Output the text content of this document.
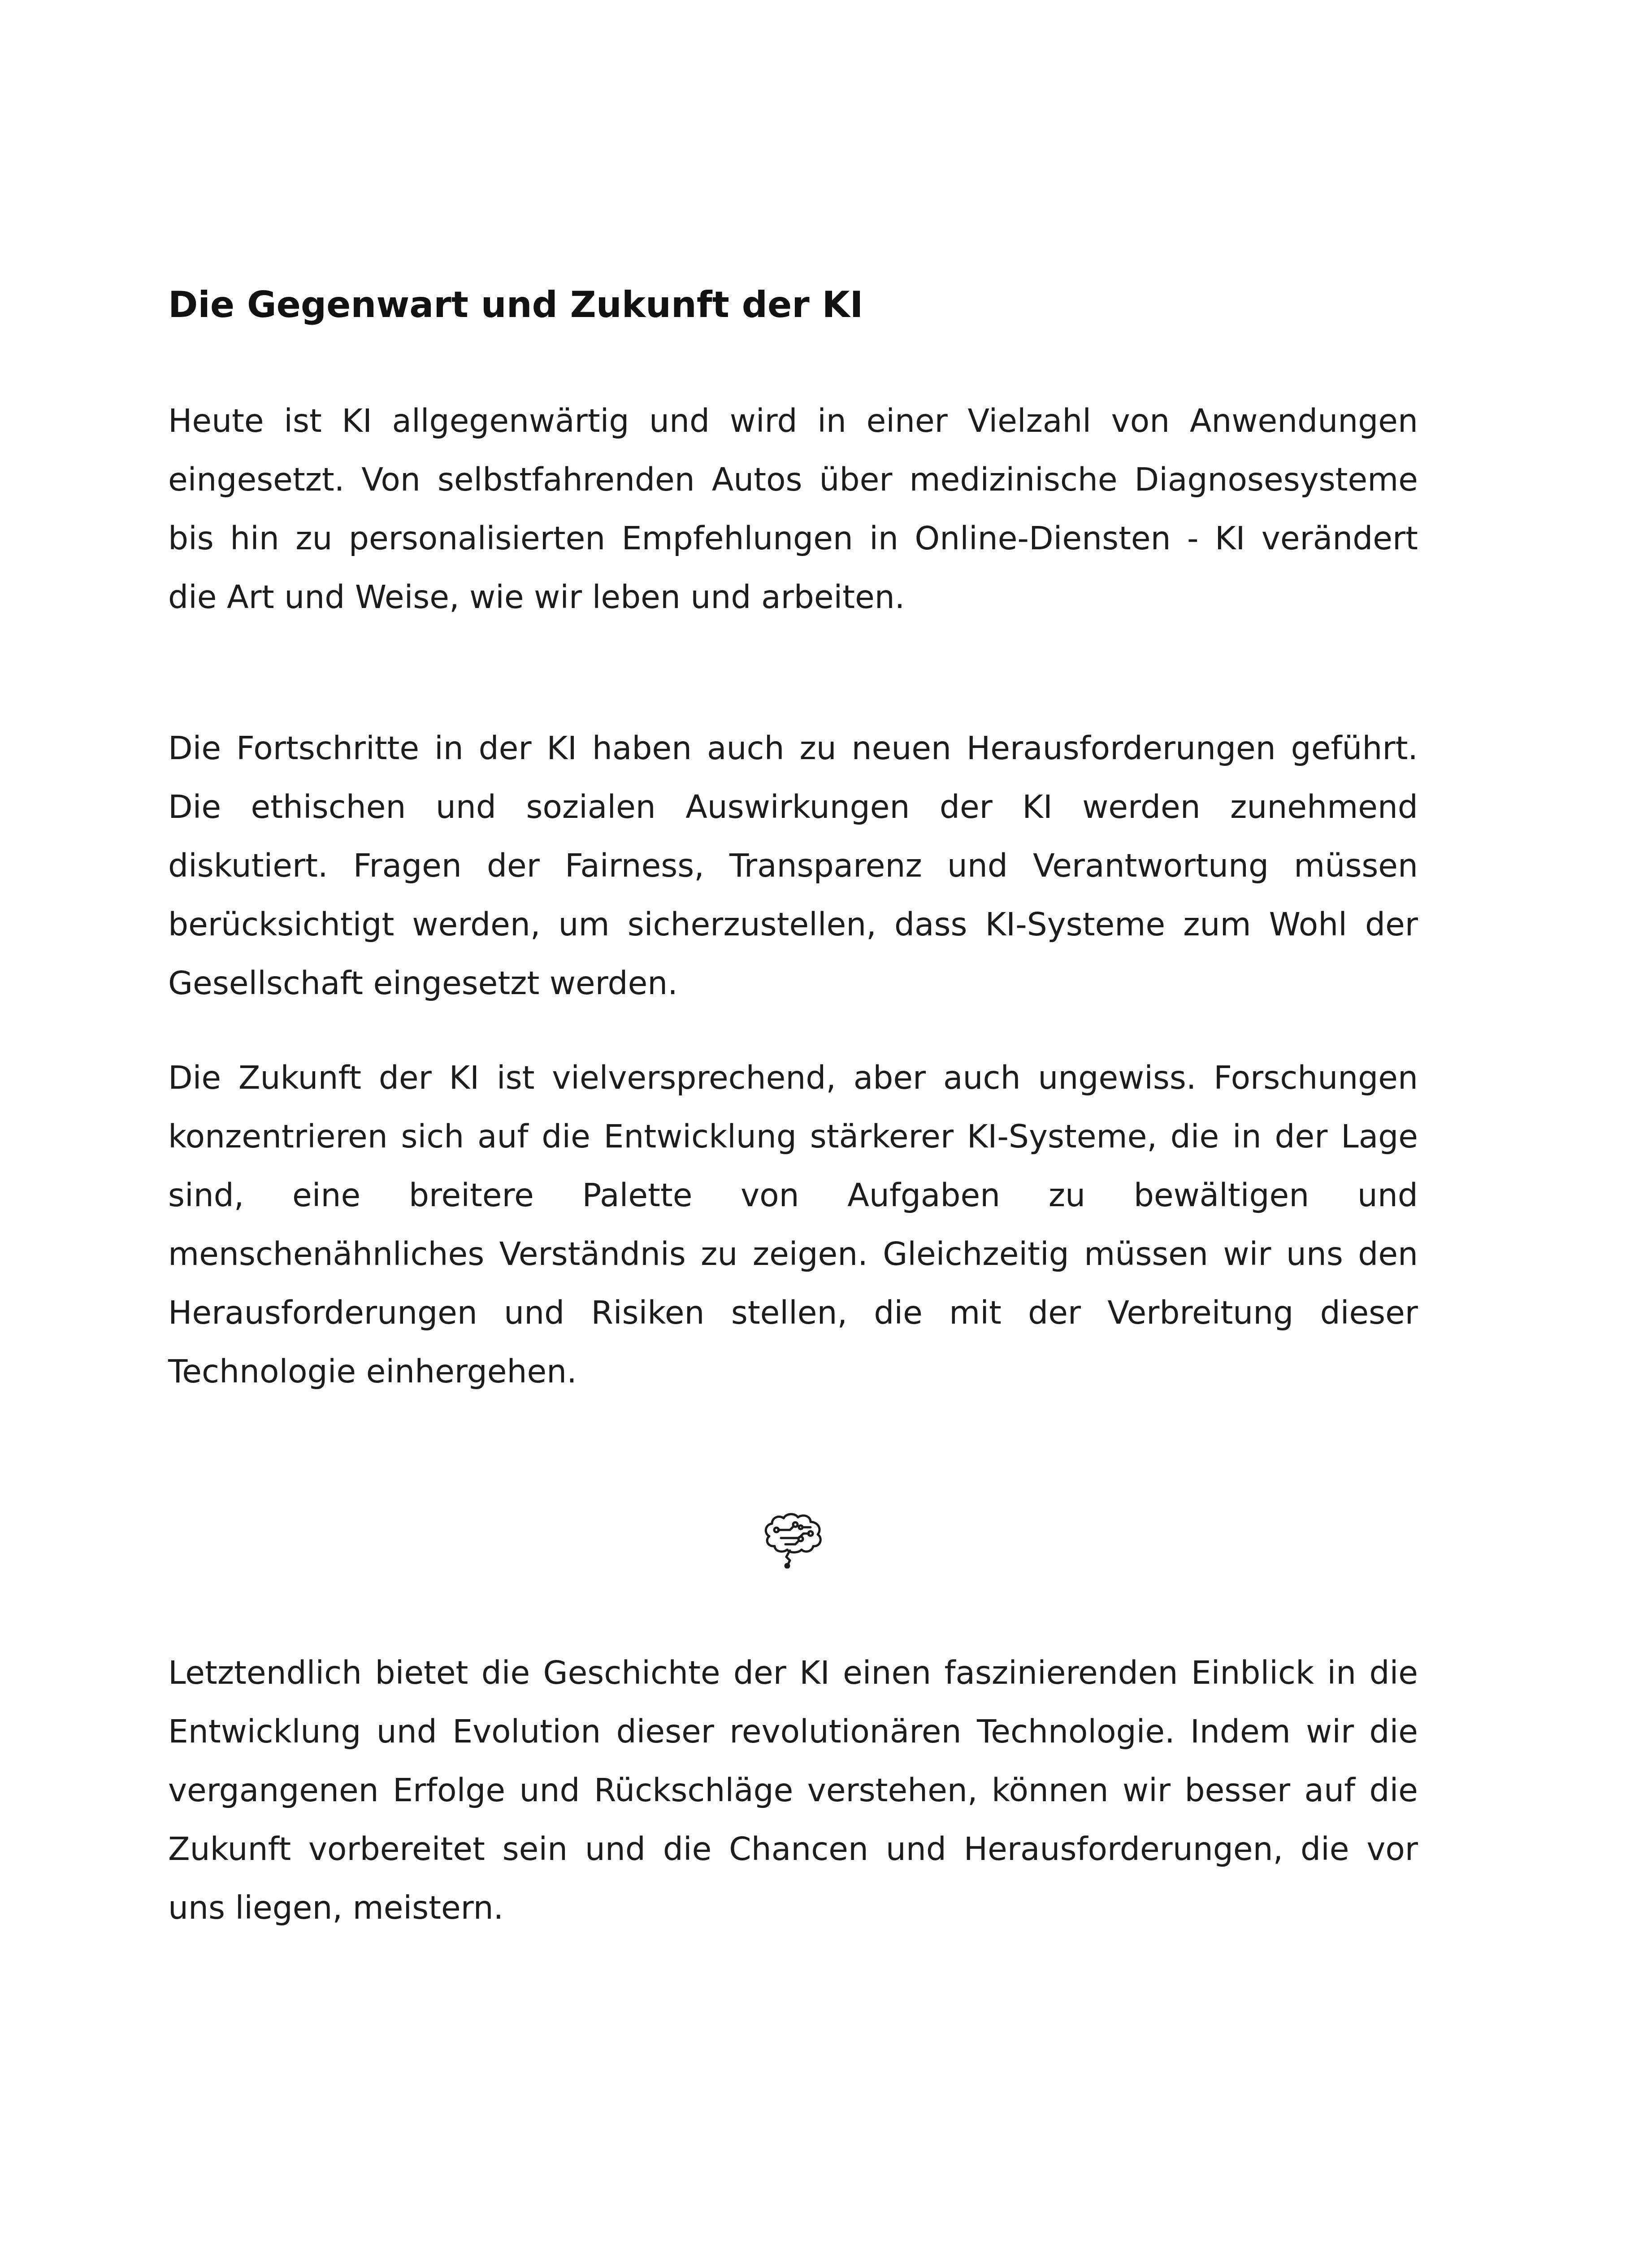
Die Gegenwart und Zukunft der KI

Heute ist KI allgegenwärtig und wird in einer Vielzahl von Anwendungen eingesetzt. Von selbstfahrenden Autos über medizinische Diagnosesysteme bis hin zu personalisierten Empfehlungen in Online-Diensten - KI verändert die Art und Weise, wie wir leben und arbeiten.

Die Fortschritte in der KI haben auch zu neuen Herausforderungen geführt. Die ethischen und sozialen Auswirkungen der KI werden zunehmend diskutiert. Fragen der Fairness, Transparenz und Verantwortung müssen berücksichtigt werden, um sicherzustellen, dass KI-Systeme zum Wohl der Gesellschaft eingesetzt werden.

Die Zukunft der KI ist vielversprechend, aber auch ungewiss. Forschungen konzentrieren sich auf die Entwicklung stärkerer KI-Systeme, die in der Lage sind, eine breitere Palette von Aufgaben zu bewältigen und menschenähnliches Verständnis zu zeigen. Gleichzeitig müssen wir uns den Herausforderungen und Risiken stellen, die mit der Verbreitung dieser Technologie einhergehen.

Letztendlich bietet die Geschichte der KI einen faszinierenden Einblick in die Entwicklung und Evolution dieser revolutionären Technologie. Indem wir die vergangenen Erfolge und Rückschläge verstehen, können wir besser auf die Zukunft vorbereitet sein und die Chancen und Herausforderungen, die vor uns liegen, meistern.
